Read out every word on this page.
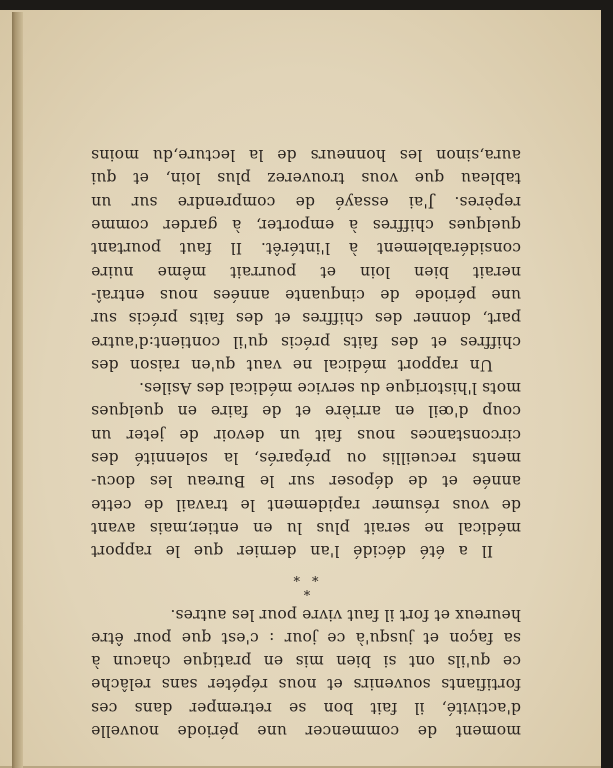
moment de commencer une période nouvelle
d'activité, il fait bon se retremper dans ces
fortifiants souvenirs et nous répéter sans relâche
ce qu'ils ont si bien mis en pratique chacun à
sa façon et jusqu'à ce jour : c'est que pour être
heureux et fort il faut vivre pour les autres.
*
**
Il a été décidé l'an dernier que le rapport
médical ne serait plus lu en entier,mais avant
de vous résumer rapidement le travail de cette
année et de déposer sur le Bureau les docu-
ments recueillis ou préparés, la solennité des
circonstances nous fait un devoir de jeter un
coup d'œil en arrière et de faire en quelques
mots l'historique du service médical des Asiles.
Un rapport médical ne vaut qu'en raison des
chiffres et des faits précis qu'il contient:d'autre
part, donner des chiffres et des faits précis sur
une période de cinquante années nous entraî-
nerait bien loin et pourrait même nuire
considérablement à l'intérêt. Il faut pourtant
quelques chiffres à emporter, à garder comme
repères. J'ai essayé de comprendre sur un
tableau que vous trouverez plus loin, et qui
aura,sinon les honneurs de la lecture,du moins
